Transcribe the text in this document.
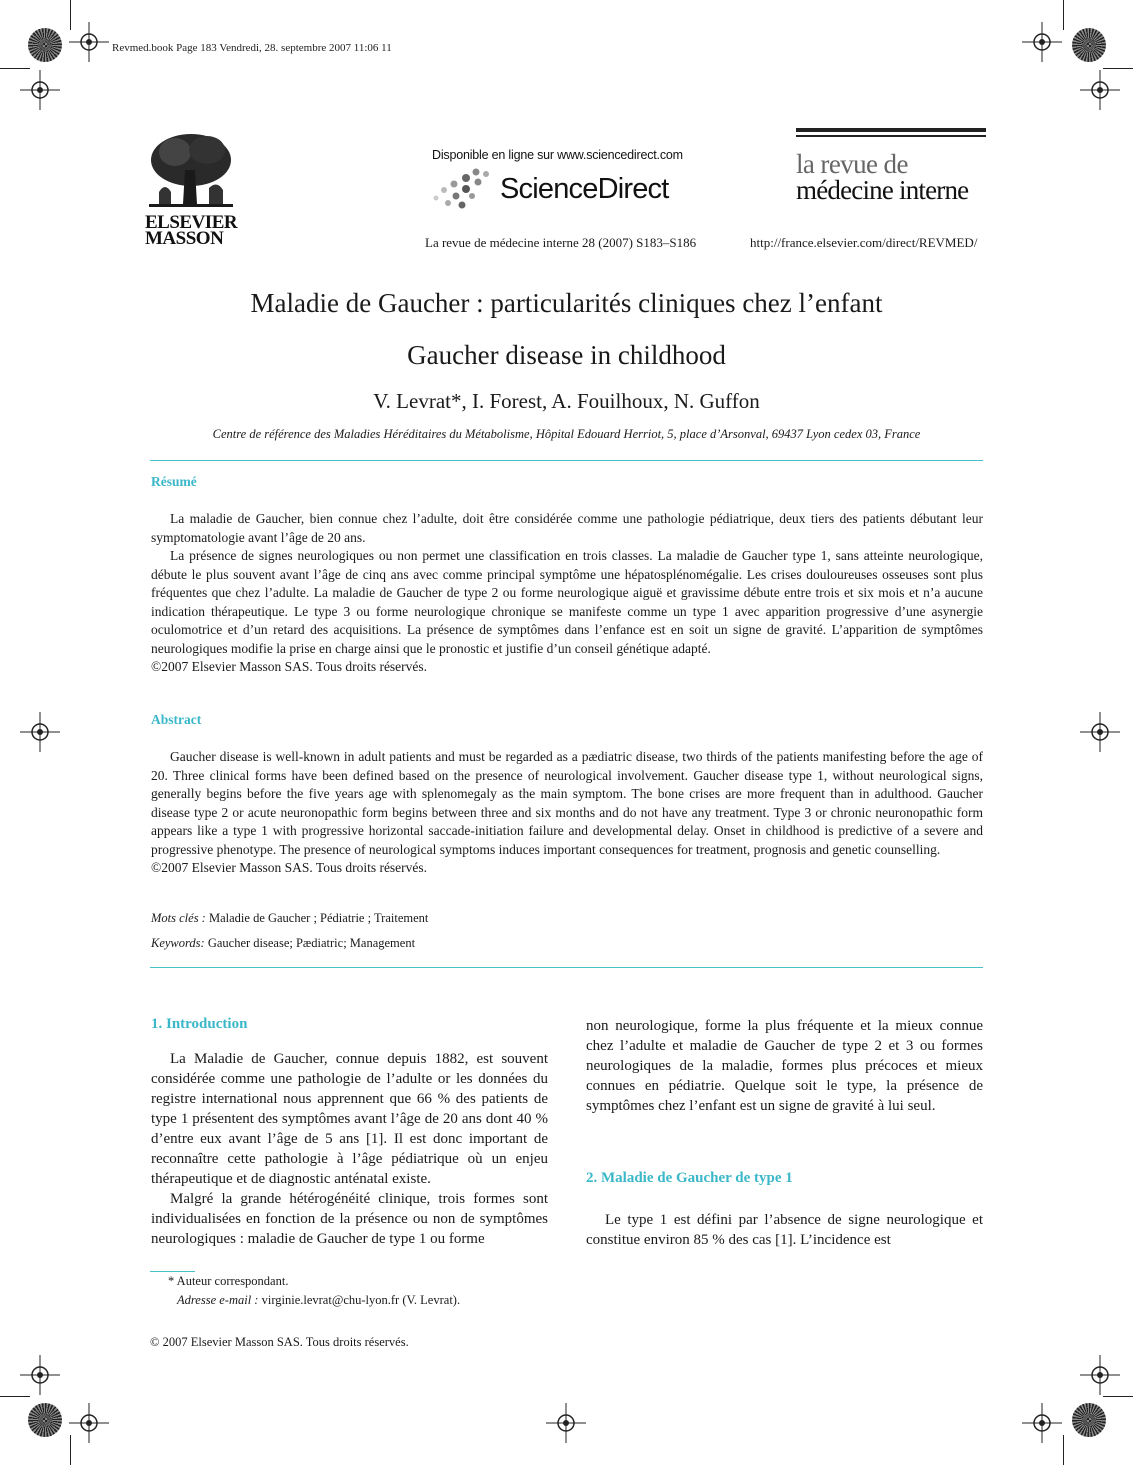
Revmed.book Page 183 Vendredi, 28. septembre 2007 11:06 11
ELSEVIER
MASSON
Disponible en ligne sur www.sciencedirect.com
ScienceDirect
la revue de
médecine interne
La revue de médecine interne 28 (2007) S183–S186	http://france.elsevier.com/direct/REVMED/
Maladie de Gaucher : particularités cliniques chez l’enfant
Gaucher disease in childhood
V. Levrat*, I. Forest, A. Fouilhoux, N. Guffon
Centre de référence des Maladies Héréditaires du Métabolisme, Hôpital Edouard Herriot, 5, place d’Arsonval, 69437 Lyon cedex 03, France
Résumé

La maladie de Gaucher, bien connue chez l’adulte, doit être considérée comme une pathologie pédiatrique, deux tiers des patients débutant leur symptomatologie avant l’âge de 20 ans.

La présence de signes neurologiques ou non permet une classification en trois classes. La maladie de Gaucher type 1, sans atteinte neurologique, débute le plus souvent avant l’âge de cinq ans avec comme principal symptôme une hépatosplénomégalie. Les crises douloureuses osseuses sont plus fréquentes que chez l’adulte. La maladie de Gaucher de type 2 ou forme neurologique aiguë et gravissime débute entre trois et six mois et n’a aucune indication thérapeutique. Le type 3 ou forme neurologique chronique se manifeste comme un type 1 avec apparition progressive d’une asynergie oculomotrice et d’un retard des acquisitions. La présence de symptômes dans l’enfance est en soit un signe de gravité. L’apparition de symptômes neurologiques modifie la prise en charge ainsi que le pronostic et justifie d’un conseil génétique adapté.

©2007 Elsevier Masson SAS. Tous droits réservés.

Abstract

Gaucher disease is well-known in adult patients and must be regarded as a pædiatric disease, two thirds of the patients manifesting before the age of 20. Three clinical forms have been defined based on the presence of neurological involvement. Gaucher disease type 1, without neurological signs, generally begins before the five years age with splenomegaly as the main symptom. The bone crises are more frequent than in adulthood. Gaucher disease type 2 or acute neuronopathic form begins between three and six months and do not have any treatment. Type 3 or chronic neuronopathic form appears like a type 1 with progressive horizontal saccade-initiation failure and developmental delay. Onset in childhood is predictive of a severe and progressive phenotype. The presence of neurological symptoms induces important consequences for treatment, prognosis and genetic counselling.

©2007 Elsevier Masson SAS. Tous droits réservés.

Mots clés : Maladie de Gaucher ; Pédiatrie ; Traitement
Keywords: Gaucher disease; Pædiatric; Management
1. Introduction

La Maladie de Gaucher, connue depuis 1882, est souvent considérée comme une pathologie de l’adulte or les données du registre international nous apprennent que 66 % des patients de type 1 présentent des symptômes avant l’âge de 20 ans dont 40 % d’entre eux avant l’âge de 5 ans [1]. Il est donc important de reconnaître cette pathologie à l’âge pédiatrique où un enjeu thérapeutique et de diagnostic anténatal existe.

Malgré la grande hétérogénéité clinique, trois formes sont individualisées en fonction de la présence ou non de symptômes neurologiques : maladie de Gaucher de type 1 ou forme

non neurologique, forme la plus fréquente et la mieux connue chez l’adulte et maladie de Gaucher de type 2 et 3 ou formes neurologiques de la maladie, formes plus précoces et mieux connues en pédiatrie. Quelque soit le type, la présence de symptômes chez l’enfant est un signe de gravité à lui seul.

2. Maladie de Gaucher de type 1

Le type 1 est défini par l’absence de signe neurologique et constitue environ 85 % des cas [1]. L’incidence est

* Auteur correspondant.
Adresse e-mail : virginie.levrat@chu-lyon.fr (V. Levrat).
© 2007 Elsevier Masson SAS. Tous droits réservés.
